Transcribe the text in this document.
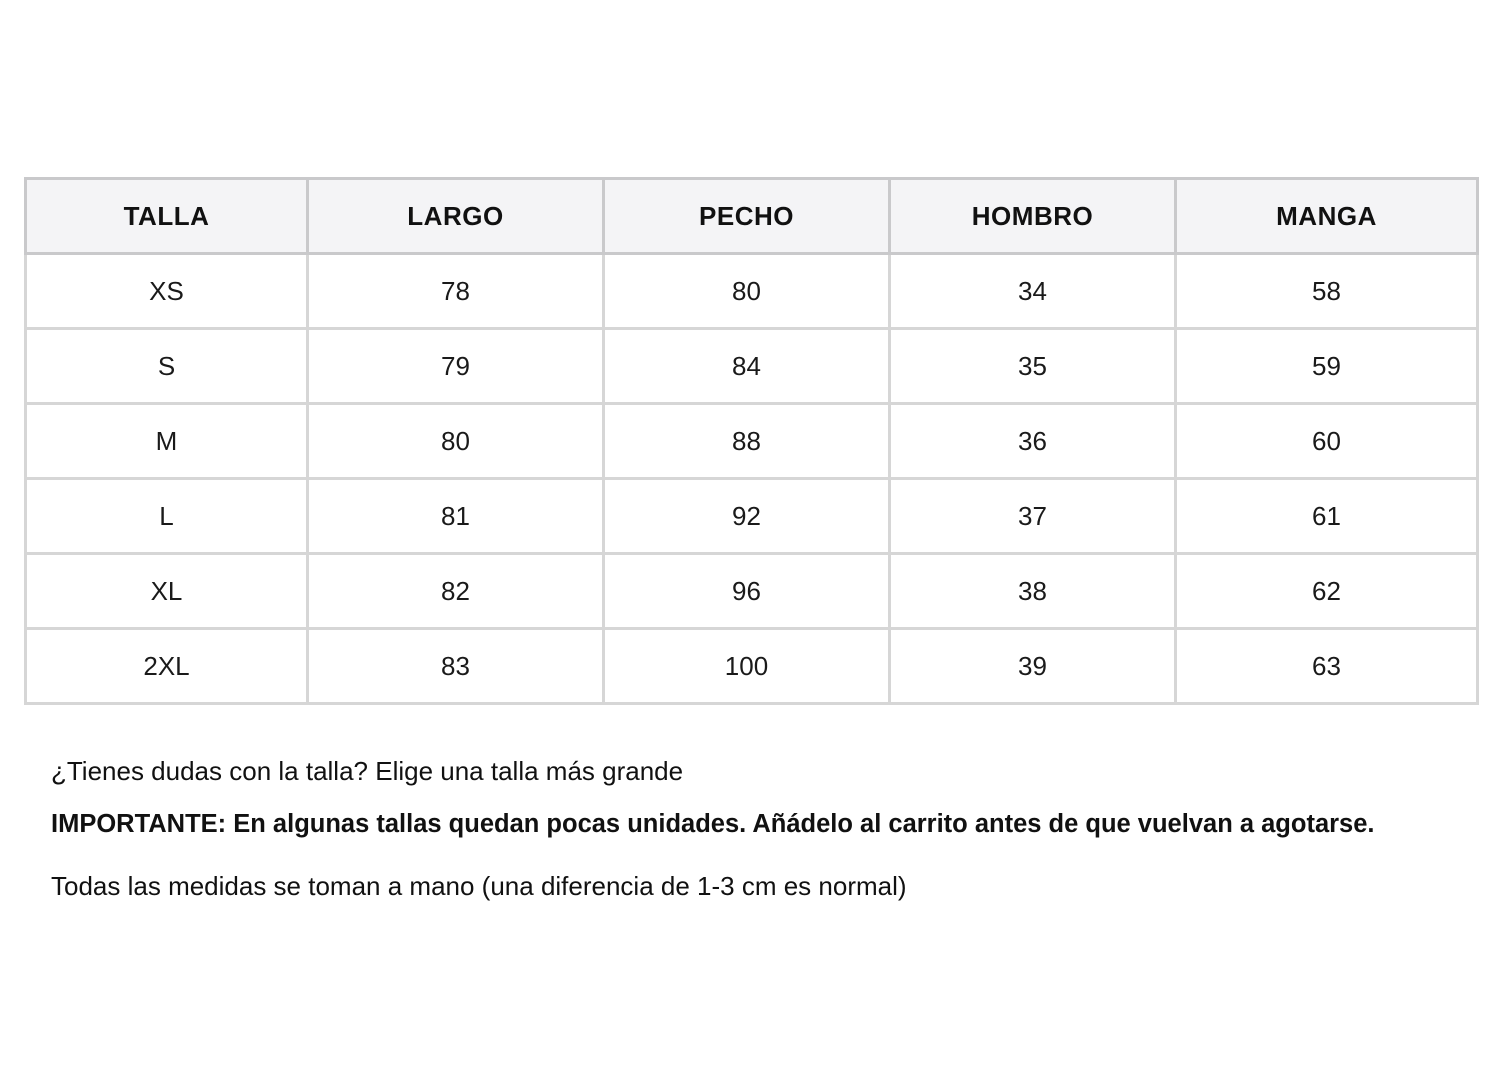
TALLA	LARGO	PECHO	HOMBRO	MANGA
XS	78	80	34	58
S	79	84	35	59
M	80	88	36	60
L	81	92	37	61
XL	82	96	38	62
2XL	83	100	39	63

¿Tienes dudas con la talla? Elige una talla más grande

IMPORTANTE: En algunas tallas quedan pocas unidades. Añádelo al carrito antes de que vuelvan a agotarse.

Todas las medidas se toman a mano (una diferencia de 1-3 cm es normal)
